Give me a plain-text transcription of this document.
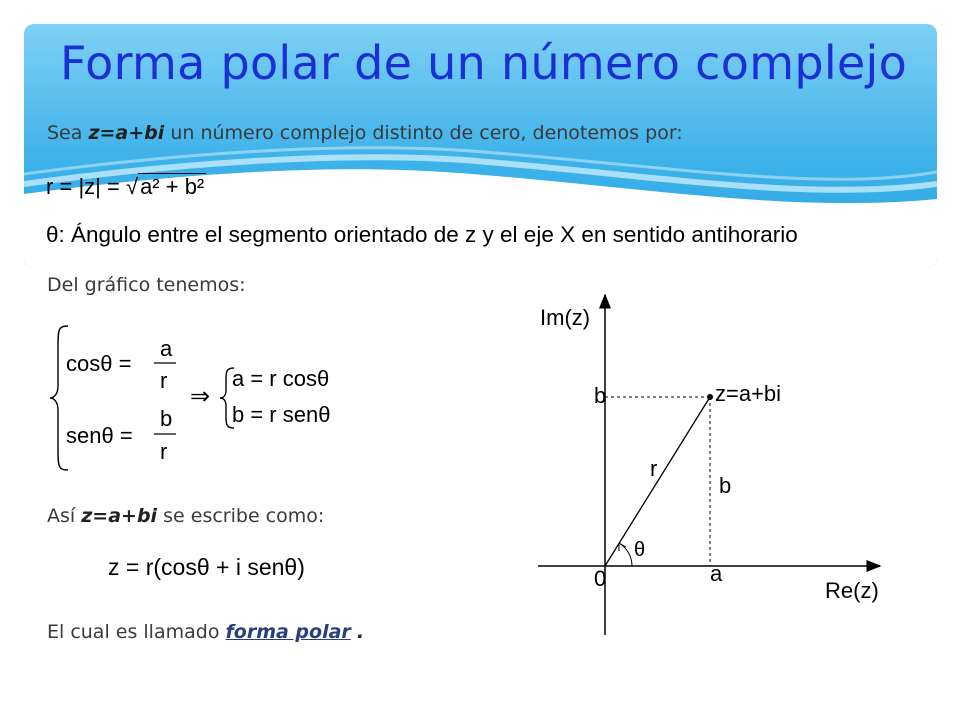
Forma polar de un número complejo
Sea z=a+bi un número complejo distinto de cero, denotemos por:
r = |z| = √a² + b²
θ: Ángulo entre el segmento orientado de z y el eje X en sentido antihorario
Del gráfico tenemos:
cosθ =
a
r
senθ =
b
r
⇒
a = r cosθ
b = r senθ
Así z=a+bi se escribe como:
z = r(cosθ + i senθ)
El cual es llamado forma polar .
Im(z)
Re(z)
0
z=a+bi
b
a
r
b
θ
